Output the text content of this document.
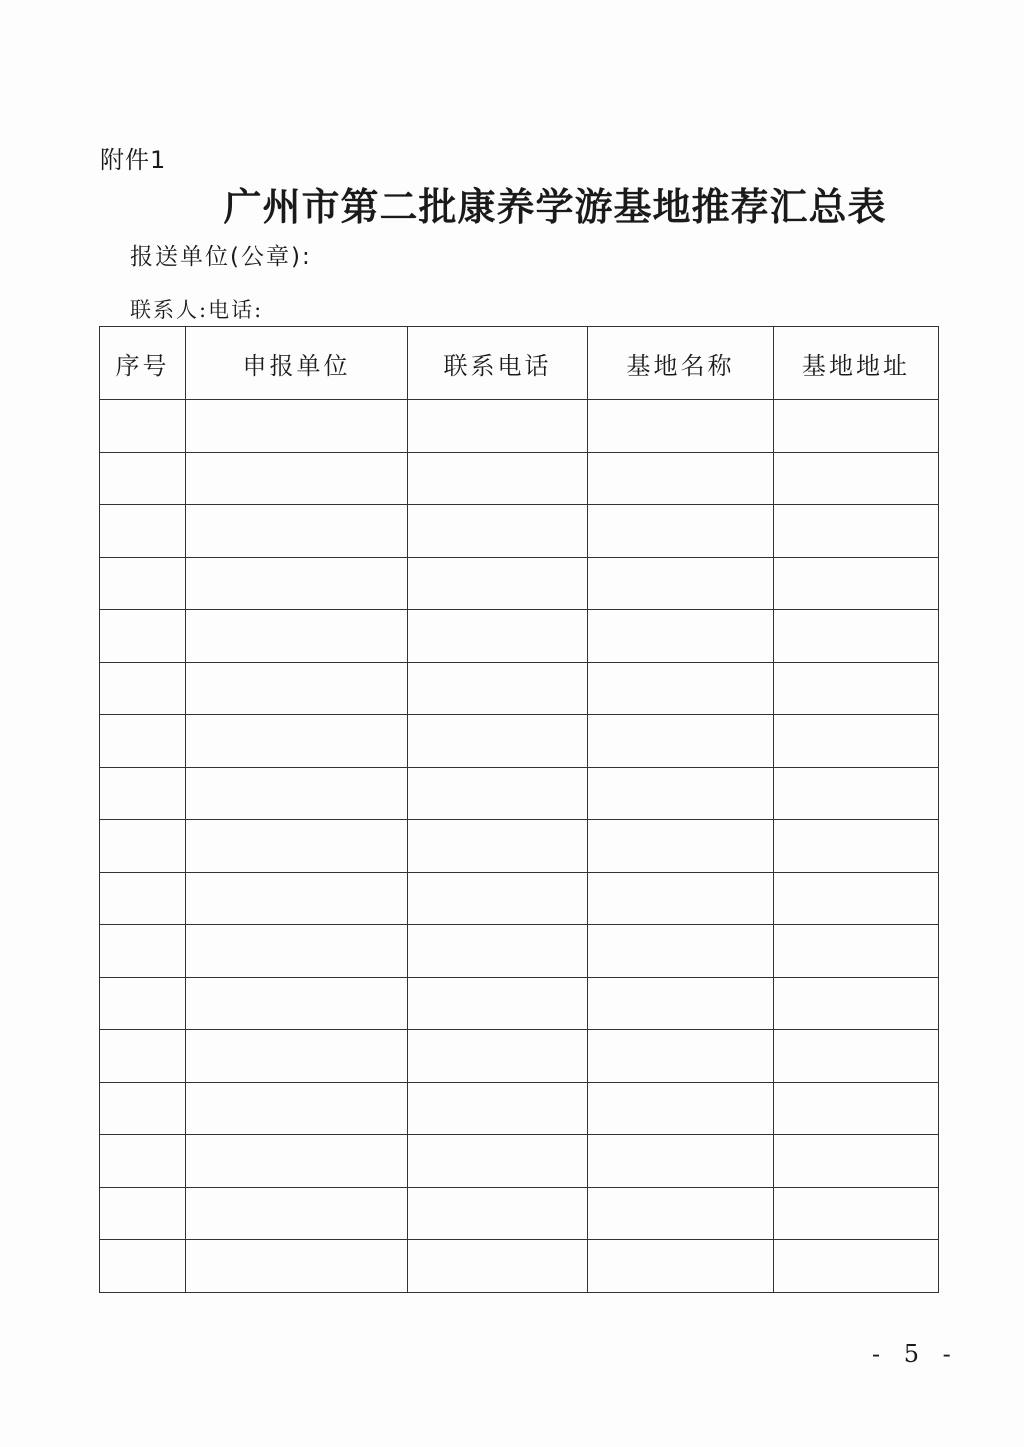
附件1
广州市第二批康养学游基地推荐汇总表
报送单位(公章):
联系人:电话:
序号	申报单位	联系电话	基地名称	基地地址

- 5 -
